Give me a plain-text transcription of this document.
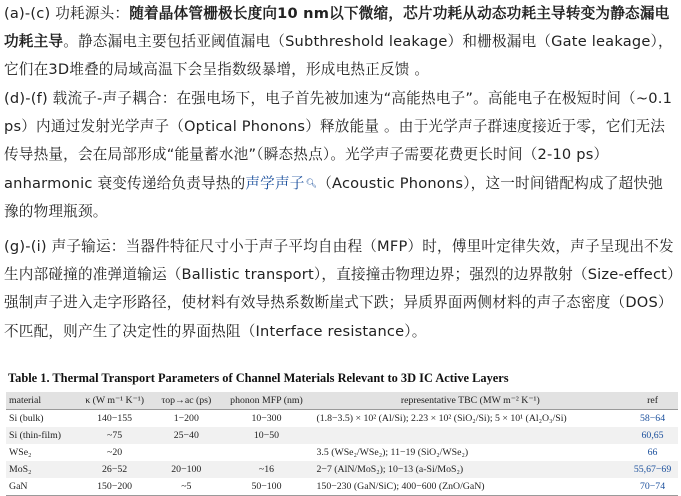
(a)-(c) 功耗源头：随着晶体管栅极长度向10 nm以下微缩，芯片功耗从动态功耗主导转变为静态漏电功耗主导。静态漏电主要包括亚阈值漏电（Subthreshold leakage）和栅极漏电（Gate leakage），它们在3D堆叠的局域高温下会呈指数级暴增，形成电热正反馈 。

(d)-(f) 载流子-声子耦合：在强电场下，电子首先被加速为“高能热电子”。高能电子在极短时间（~0.1 ps）内通过发射光学声子（Optical Phonons）释放能量 。由于光学声子群速度接近于零，它们无法传导热量，会在局部形成“能量蓄水池”（瞬态热点）。光学声子需要花费更长时间（2-10 ps） anharmonic 衰变传递给负责导热的声学声子🔍︎（Acoustic Phonons），这一时间错配构成了超快弛豫的物理瓶颈。

(g)-(i) 声子输运：当器件特征尺寸小于声子平均自由程（MFP）时，傅里叶定律失效，声子呈现出不发生内部碰撞的准弹道输运（Ballistic transport），直接撞击物理边界；强烈的边界散射（Size-effect）强制声子进入走字形路径，使材料有效导热系数断崖式下跌；异质界面两侧材料的声子态密度（DOS）不匹配，则产生了决定性的界面热阻（Interface resistance）。

Table 1. Thermal Transport Parameters of Channel Materials Relevant to 3D IC Active Layers
material	κ (W m⁻¹ K⁻¹)	τop→ac (ps)	phonon MFP (nm)	representative TBC (MW m⁻² K⁻¹)	ref
Si (bulk)	140−155	1−200	10−300	(1.8−3.5) × 10² (Al/Si); 2.23 × 10² (SiO₂/Si); 5 × 10¹ (Al₂O₃/Si)	58−64
Si (thin-film)	~75	25−40	10−50		60,65
WSe₂	~20			3.5 (WSe₂/WSe₂); 11−19 (SiO₂/WSe₂)	66
MoS₂	26−52	20−100	~16	2−7 (AlN/MoS₂); 10−13 (a-Si/MoS₂)	55,67−69
GaN	150−200	~5	50−100	150−230 (GaN/SiC); 400−600 (ZnO/GaN)	70−74
